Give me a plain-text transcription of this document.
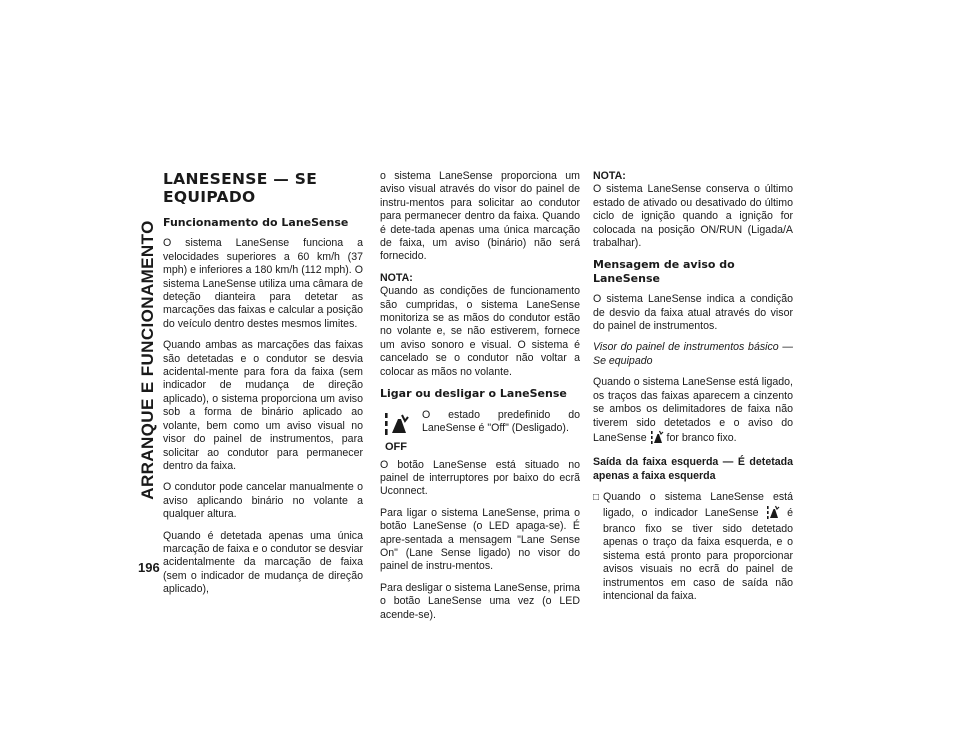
ARRANQUE E FUNCIONAMENTO
196
LANESENSE — SE EQUIPADO
Funcionamento do LaneSense

O sistema LaneSense funciona a velocidades superiores a 60 km/h (37 mph) e inferiores a 180 km/h (112 mph). O sistema LaneSense utiliza uma câmara de deteção dianteira para detetar as marcações das faixas e calcular a posição do veículo dentro destes mesmos limites.

Quando ambas as marcações das faixas são detetadas e o condutor se desvia acidental-mente para fora da faixa (sem indicador de mudança de direção aplicado), o sistema proporciona um aviso sob a forma de binário aplicado ao volante, bem como um aviso visual no visor do painel de instrumentos, para solicitar ao condutor para permanecer dentro da faixa.

O condutor pode cancelar manualmente o aviso aplicando binário no volante a qualquer altura.

Quando é detetada apenas uma única marcação de faixa e o condutor se desviar acidentalmente da marcação de faixa (sem o indicador de mudança de direção aplicado),

o sistema LaneSense proporciona um aviso visual através do visor do painel de instru-mentos para solicitar ao condutor para permanecer dentro da faixa. Quando é dete-tada apenas uma única marcação de faixa, um aviso (binário) não será fornecido.

NOTA:

Quando as condições de funcionamento são cumpridas, o sistema LaneSense monitoriza se as mãos do condutor estão no volante e, se não estiverem, fornece um aviso sonoro e visual. O sistema é cancelado se o condutor não voltar a colocar as mãos no volante.

Ligar ou desligar o LaneSense
OFF

O estado predefinido do LaneSense é "Off" (Desligado).

O botão LaneSense está situado no painel de interruptores por baixo do ecrã Uconnect.

Para ligar o sistema LaneSense, prima o botão LaneSense (o LED apaga-se). É apre-sentada a mensagem "Lane Sense On" (Lane Sense ligado) no visor do painel de instru-mentos.

Para desligar o sistema LaneSense, prima o botão LaneSense uma vez (o LED acende-se).

NOTA:

O sistema LaneSense conserva o último estado de ativado ou desativado do último ciclo de ignição quando a ignição for colocada na posição ON/RUN (Ligada/A trabalhar).

Mensagem de aviso do LaneSense

O sistema LaneSense indica a condição de desvio da faixa atual através do visor do painel de instrumentos.

Visor do painel de instrumentos básico — Se equipado

Quando o sistema LaneSense está ligado, os traços das faixas aparecem a cinzento se ambos os delimitadores de faixa não tiverem sido detetados e o aviso do LaneSense for branco fixo.

Saída da faixa esquerda — É detetada apenas a faixa esquerda

□ Quando o sistema LaneSense está ligado, o indicador LaneSense	é branco fixo se tiver sido detetado apenas o traço da faixa esquerda, e o sistema está pronto para proporcionar avisos visuais no ecrã do painel de instrumentos em caso de saída não intencional da faixa.
